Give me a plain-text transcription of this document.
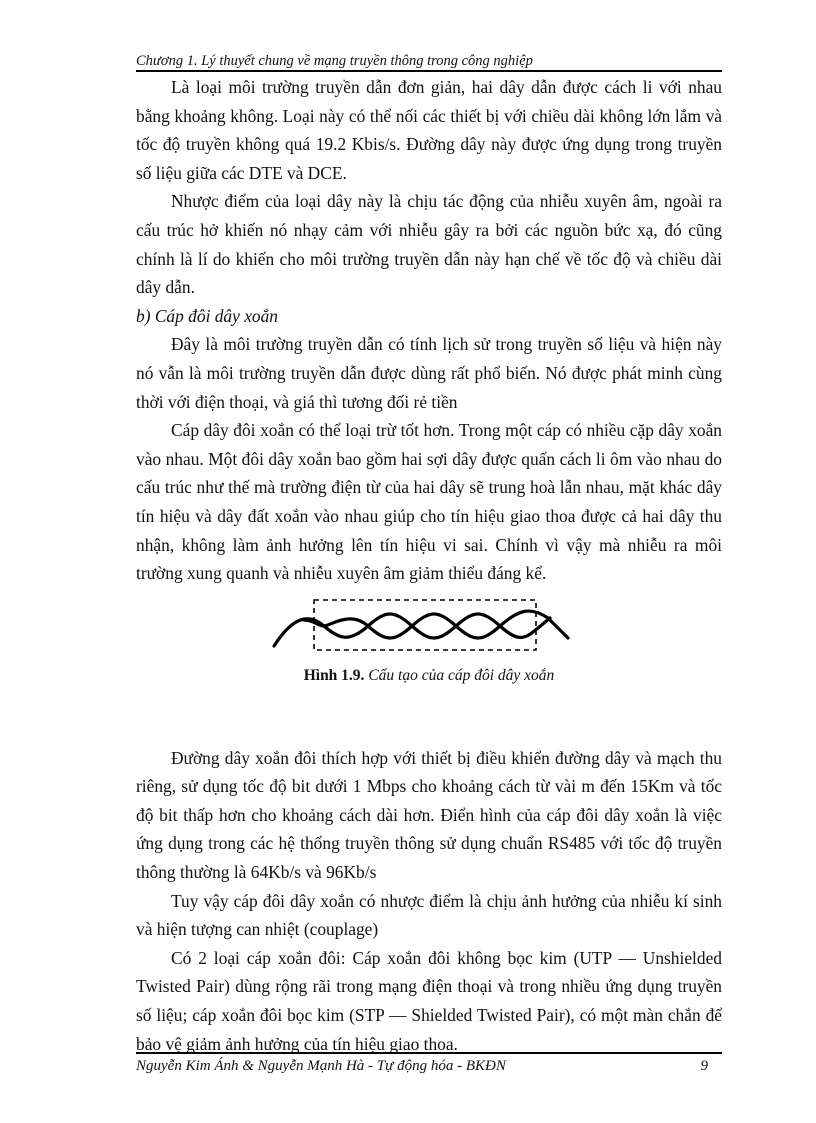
Chương 1. Lý thuyết chung về mạng truyền thông trong công nghiệp

Là loại môi trường truyền dẫn đơn giản, hai dây dẫn được cách li với nhau bằng khoảng không. Loại này có thể nối các thiết bị với chiều dài không lớn lắm và tốc độ truyền không quá 19.2 Kbis/s. Đường dây này được ứng dụng trong truyền số liệu giữa các DTE và DCE.

Nhược điểm của loại dây này là chịu tác động của nhiễu xuyên âm, ngoài ra cấu trúc hở khiến nó nhạy cảm với nhiễu gây ra bởi các nguồn bức xạ, đó cũng chính là lí do khiến cho môi trường truyền dẫn này hạn chế về tốc độ và chiều dài dây dẫn.

b) Cáp đôi dây xoắn

Đây là môi trường truyền dẫn có tính lịch sử trong truyền số liệu và hiện này nó vẫn là môi trường truyền dẫn được dùng rất phổ biến. Nó được phát minh cùng thời với điện thoại, và giá thì tương đối rẻ tiền

Cáp dây đôi xoắn có thể loại trừ tốt hơn. Trong một cáp có nhiều cặp dây xoắn vào nhau. Một đôi dây xoắn bao gồm hai sợi dây được quấn cách li ôm vào nhau do cấu trúc như thế mà trường điện từ của hai dây sẽ trung hoà lẫn nhau, mặt khác dây tín hiệu và dây đất xoắn vào nhau giúp cho tín hiệu giao thoa được cả hai dây thu nhận, không làm ảnh hưởng lên tín hiệu vi sai. Chính vì vậy mà nhiễu ra môi trường xung quanh và nhiễu xuyên âm giảm thiểu đáng kể.

Hình 1.9. Cấu tạo của cáp đôi dây xoắn

Đường dây xoắn đôi thích hợp với thiết bị điều khiển đường dây và mạch thu riêng, sử dụng tốc độ bit dưới 1 Mbps cho khoảng cách từ vài m đến 15Km và tốc độ bit thấp hơn cho khoảng cách dài hơn. Điển hình của cáp đôi dây xoắn là việc ứng dụng trong các hệ thống truyền thông sử dụng chuẩn RS485 với tốc độ truyền thông thường là 64Kb/s và 96Kb/s

Tuy vậy cáp đôi dây xoắn có nhược điểm là chịu ảnh hưởng của nhiễu kí sinh và hiện tượng can nhiệt (couplage)

Có 2 loại cáp xoắn đôi: Cáp xoắn đôi không bọc kim (UTP — Unshielded Twisted Pair) dùng rộng rãi trong mạng điện thoại và trong nhiều ứng dụng truyền số liệu; cáp xoắn đôi bọc kim (STP — Shielded Twisted Pair), có một màn chắn để bảo vệ giảm ảnh hưởng của tín hiệu giao thoa.

Nguyễn Kim Ánh & Nguyễn Mạnh Hà - Tự động hóa - BKĐN	9
